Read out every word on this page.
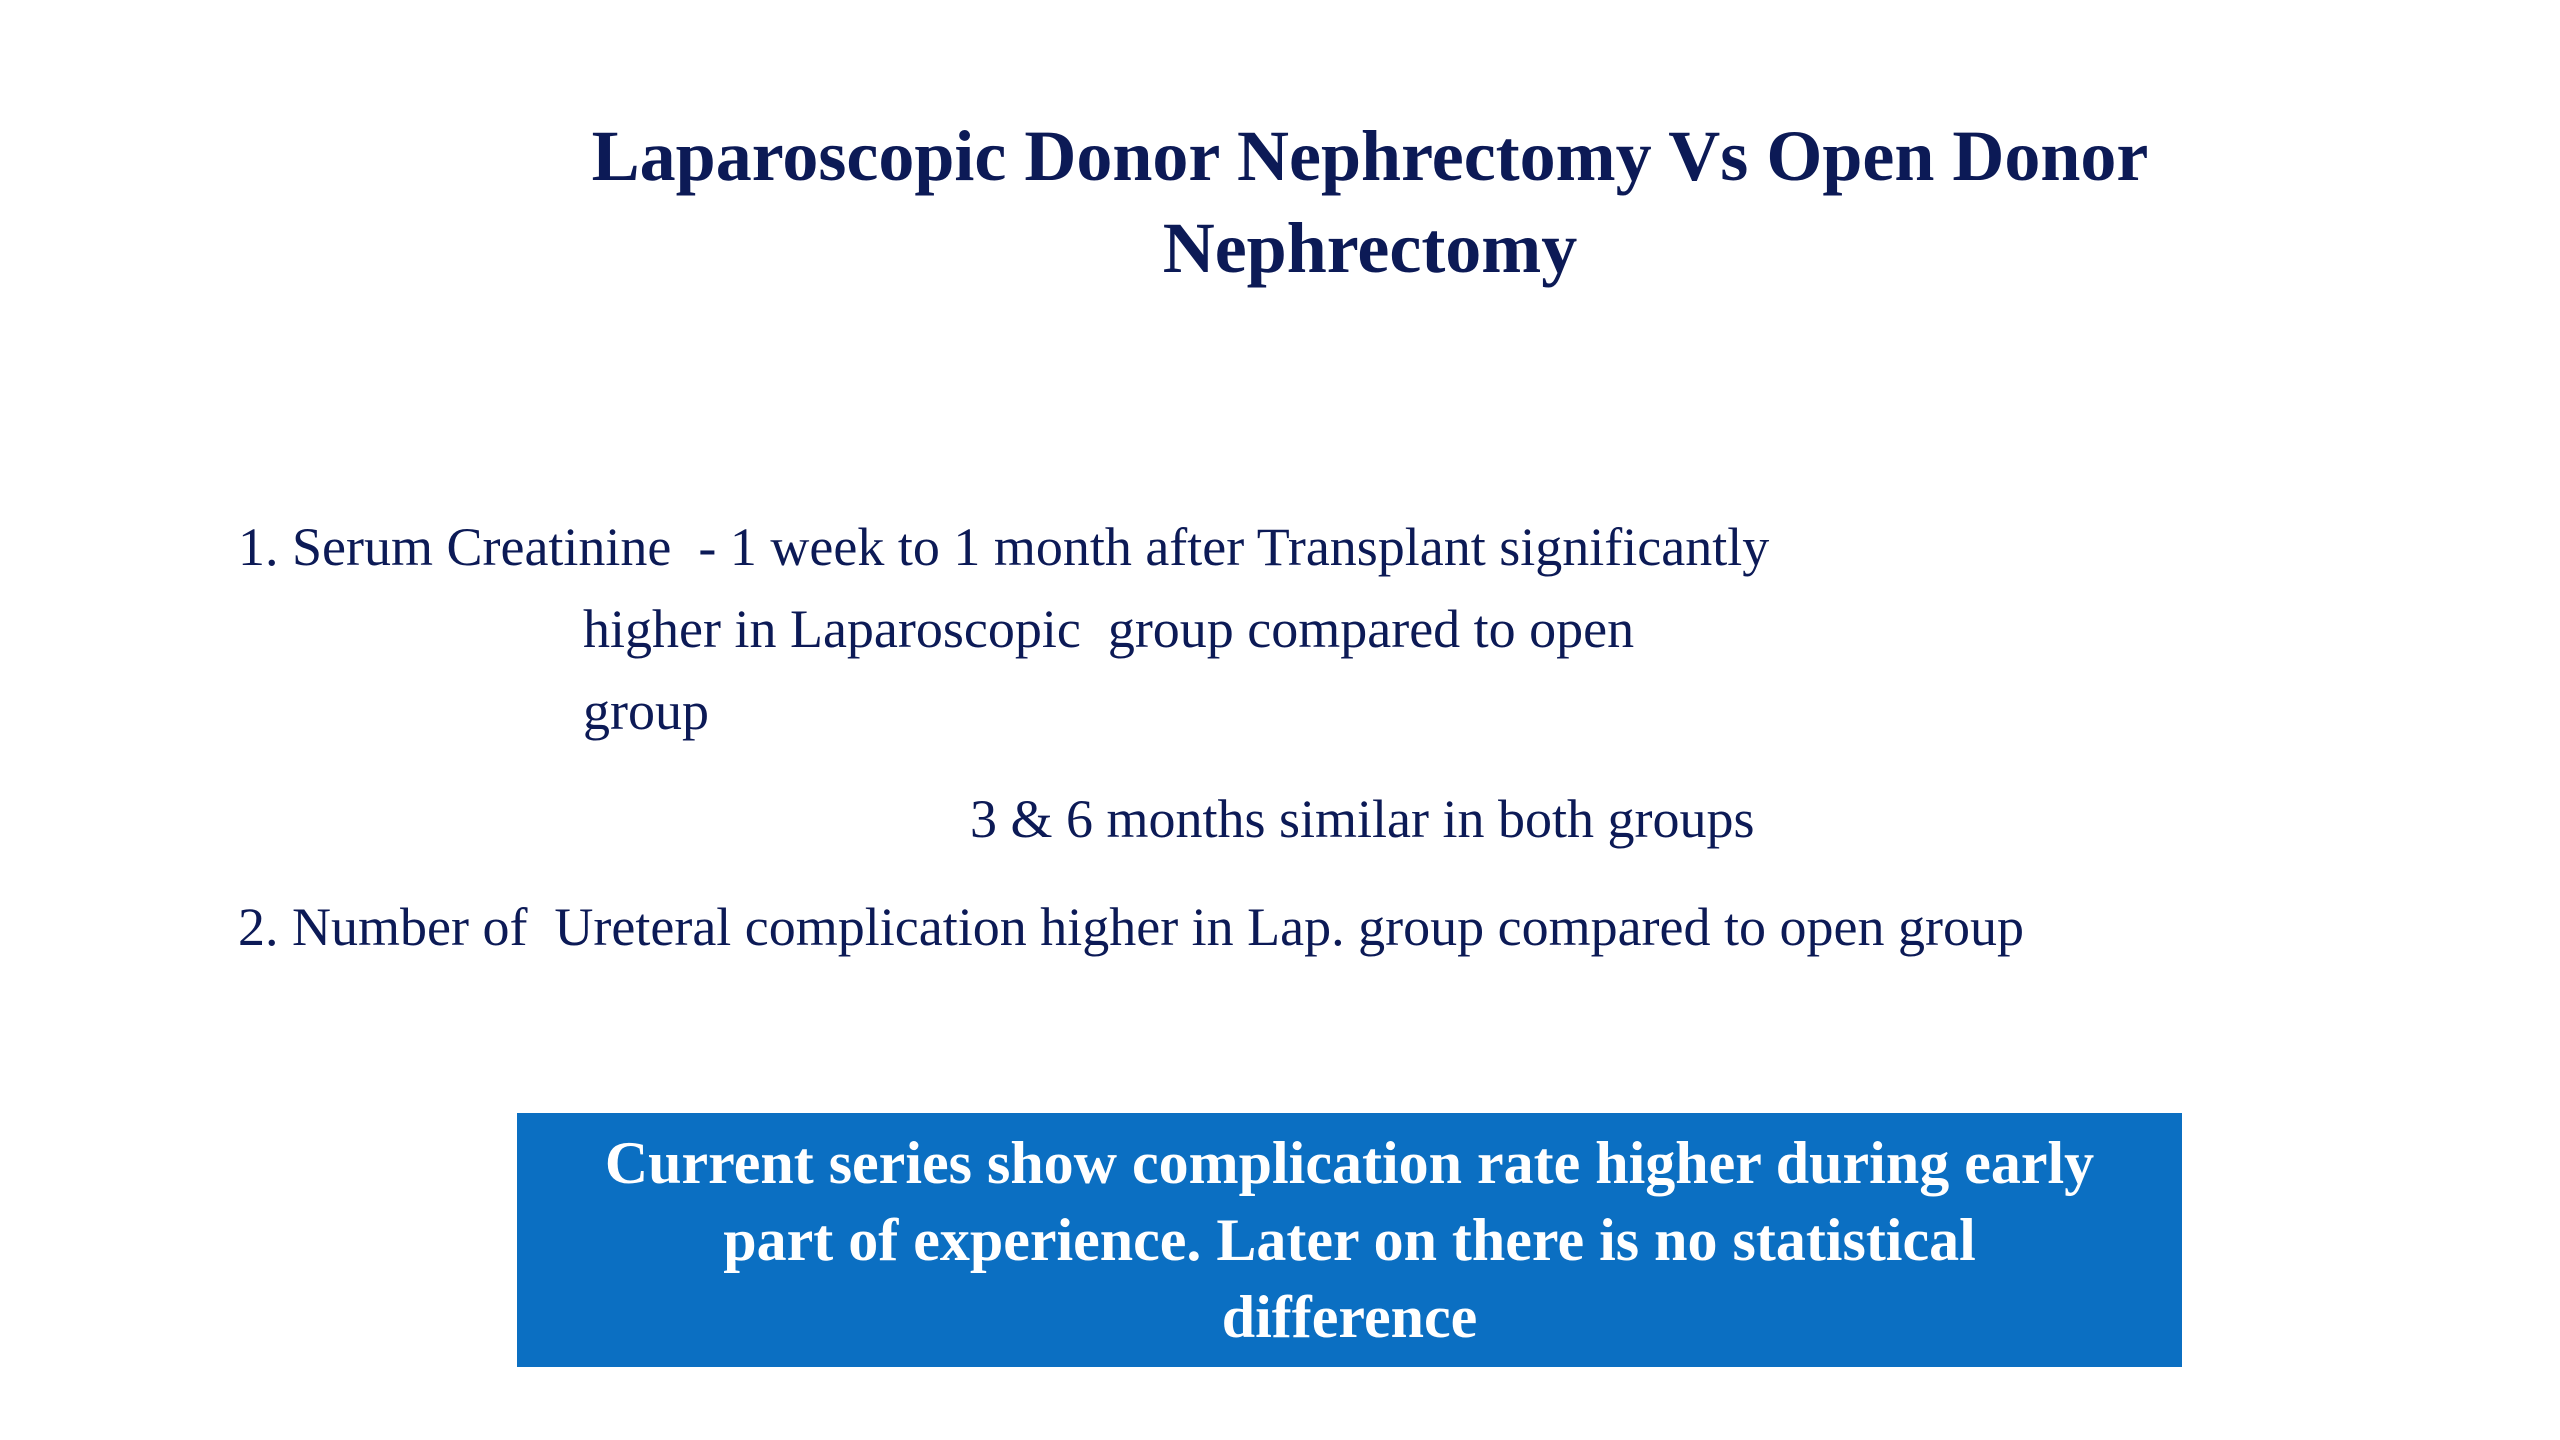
Laparoscopic Donor Nephrectomy Vs Open Donor
Nephrectomy
1. Serum Creatinine  - 1 week to 1 month after Transplant significantly
higher in Laparoscopic  group compared to open
group
3 & 6 months similar in both groups
2. Number of  Ureteral complication higher in Lap. group compared to open group
Current series show complication rate higher during early
part of experience. Later on there is no statistical
difference
